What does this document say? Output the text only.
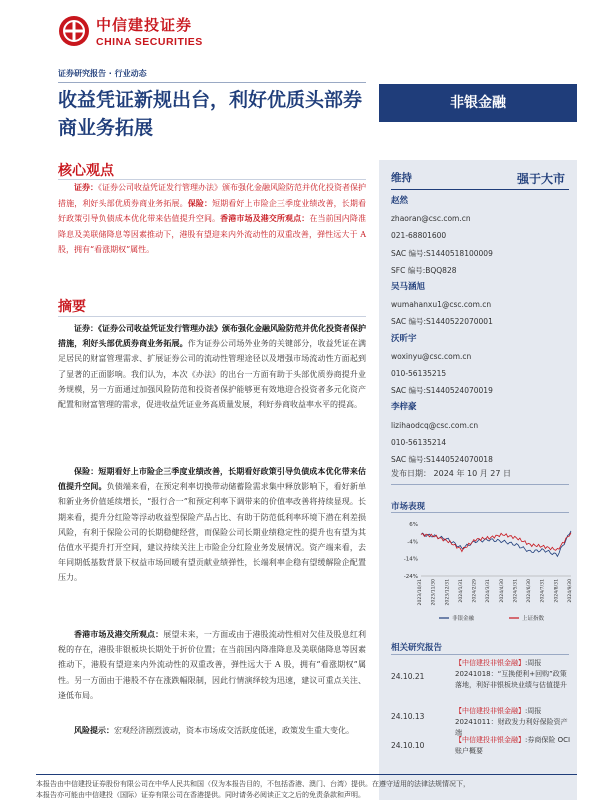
中信建投证券
CHINA SECURITIES
证券研究报告 · 行业动态
收益凭证新规出台，利好优质头部券商业务拓展
非银金融
核心观点
证券：《证券公司收益凭证发行管理办法》颁布强化金融风险防范并优化投资者保护措施，利好头部优质券商业务拓展。保险：短期看好上市险企三季度业绩改善，长期看好政策引导负债成本优化带来估值提升空间。香港市场及港交所观点：在当前国内降准降息及美联储降息等因素推动下，港股有望迎来内外流动性的双重改善，弹性远大于 A 股，拥有“看涨期权”属性。
摘要
证券：《证券公司收益凭证发行管理办法》颁布强化金融风险防范并优化投资者保护措施，利好头部优质券商业务拓展。作为证券公司场外业务的关键部分，收益凭证在满足居民的财富管理需求、扩展证券公司的流动性管理途径以及增强市场流动性方面起到了显著的正面影响。我们认为，本次《办法》的出台一方面有助于头部优质券商提升业务规模，另一方面通过加强风险防范和投资者保护能够更有效地迎合投资者多元化资产配置和财富管理的需求，促进收益凭证业务高质量发展，利好券商收益率水平的提高。
保险：短期看好上市险企三季度业绩改善，长期看好政策引导负债成本优化带来估值提升空间。负债端来看，在预定利率切换带动储蓄险需求集中释放影响下，看好新单和新业务价值延续增长，“报行合一”和预定利率下调带来的价值率改善将持续显现。长期来看，提升分红险等浮动收益型保险产品占比、有助于防范低利率环境下潜在利差损风险，有利于保险公司的长期稳健经营，而保险公司长期业绩稳定性的提升也有望为其估值水平提升打开空间，建议持续关注上市险企分红险业务发展情况。资产端来看，去年同期低基数背景下权益市场回暖有望贡献业绩弹性，长端利率企稳有望缓解险企配置压力。
香港市场及港交所观点：展望未来，一方面或由于港股流动性相对欠佳及股息红利税的存在，港股非银板块长期处于折价位置；在当前国内降准降息及美联储降息等因素推动下，港股有望迎来内外流动性的双重改善，弹性远大于 A 股，拥有“看涨期权”属性。另一方面由于港股不存在涨跌幅限制，因此行情演绎较为迅速，建议可重点关注、逢低布局。
风险提示：宏观经济剧烈波动，资本市场成交活跃度低迷，政策发生重大变化。
维持	强于大市
赵然
zhaoran@csc.com.cn
021-68801600
SAC 编号:S1440518100009
SFC 编号:BQQ828
吴马涵旭
wumahanxu1@csc.com.cn
SAC 编号:S1440522070001
沃昕宇
woxinyu@csc.com.cn
010-56135215
SAC 编号:S1440524070019
李梓豪
lizihaodcq@csc.com.cn
010-56135214
SAC 编号:S1440524070018
发布日期： 2024 年 10 月 27 日
市场表现
6%
-4%
-14%
-24%
2023/10/31 2023/11/30 2023/12/31 2024/1/31 2024/2/29 2024/3/31 2024/4/30 2024/5/31 2024/6/30 2024/7/31 2024/8/31 2024/9/30
非银金融	上证指数
相关研究报告
24.10.21
【中信建投非银金融】:周报 20241018：“互换便利+回购”政策落地，利好非银板块业绩与估值提升
24.10.13
【中信建投非银金融】:周报 20241011：财政发力利好保险资产端
24.10.10
【中信建投非银金融】:券商保险 OCI 账户概要
本报告由中信建投证券股份有限公司在中华人民共和国（仅为本报告目的，不包括香港、澳门、台湾）提供。在遵守适用的法律法规情况下，
本报告亦可能由中信建投（国际）证券有限公司在香港提供。同时请务必阅读正文之后的免责条款和声明。
